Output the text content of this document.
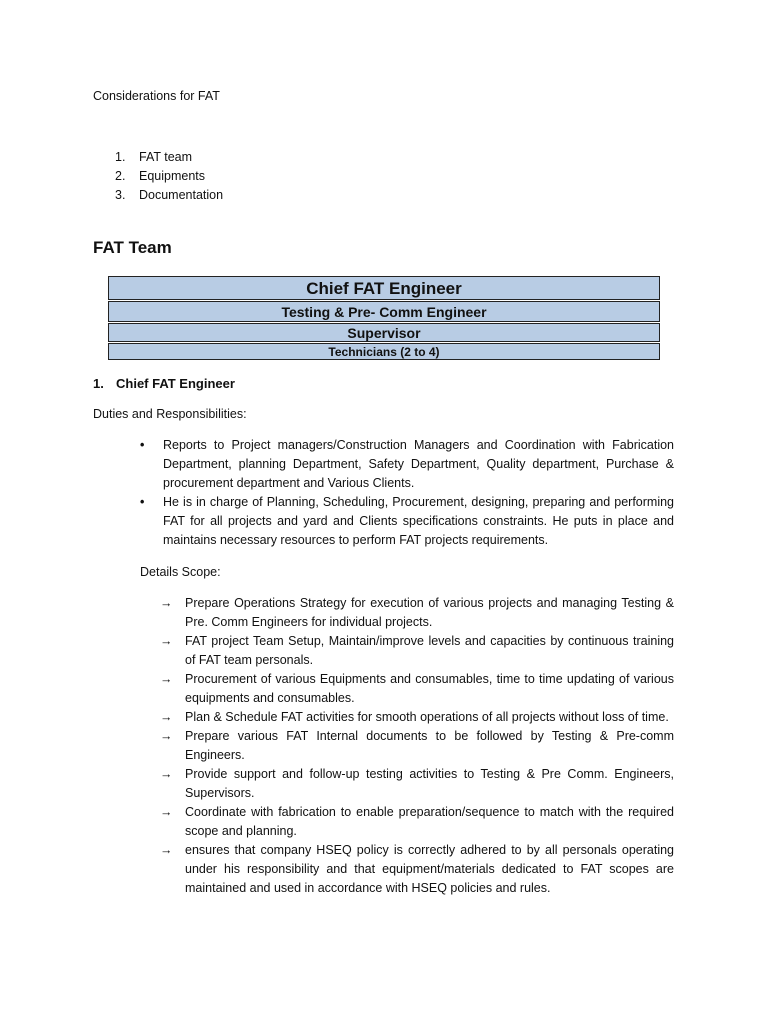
Considerations for FAT
1. FAT team
2. Equipments
3. Documentation
FAT Team
Chief FAT Engineer
Testing & Pre- Comm Engineer
Supervisor
Technicians (2 to 4)
1. Chief FAT Engineer
Duties and Responsibilities:
• Reports to Project managers/Construction Managers and Coordination with Fabrication Department, planning Department, Safety Department, Quality department, Purchase & procurement department and Various Clients.
• He is in charge of Planning, Scheduling, Procurement, designing, preparing and performing FAT for all projects and yard and Clients specifications constraints. He puts in place and maintains necessary resources to perform FAT projects requirements.
Details Scope:
→ Prepare Operations Strategy for execution of various projects and managing Testing & Pre. Comm Engineers for individual projects.
→ FAT project Team Setup, Maintain/improve levels and capacities by continuous training of FAT team personals.
→ Procurement of various Equipments and consumables, time to time updating of various equipments and consumables.
→ Plan & Schedule FAT activities for smooth operations of all projects without loss of time.
→ Prepare various FAT Internal documents to be followed by Testing & Pre-comm Engineers.
→ Provide support and follow-up testing activities to Testing & Pre Comm. Engineers, Supervisors.
→ Coordinate with fabrication to enable preparation/sequence to match with the required scope and planning.
→ ensures that company HSEQ policy is correctly adhered to by all personals operating under his responsibility and that equipment/materials dedicated to FAT scopes are maintained and used in accordance with HSEQ policies and rules.
